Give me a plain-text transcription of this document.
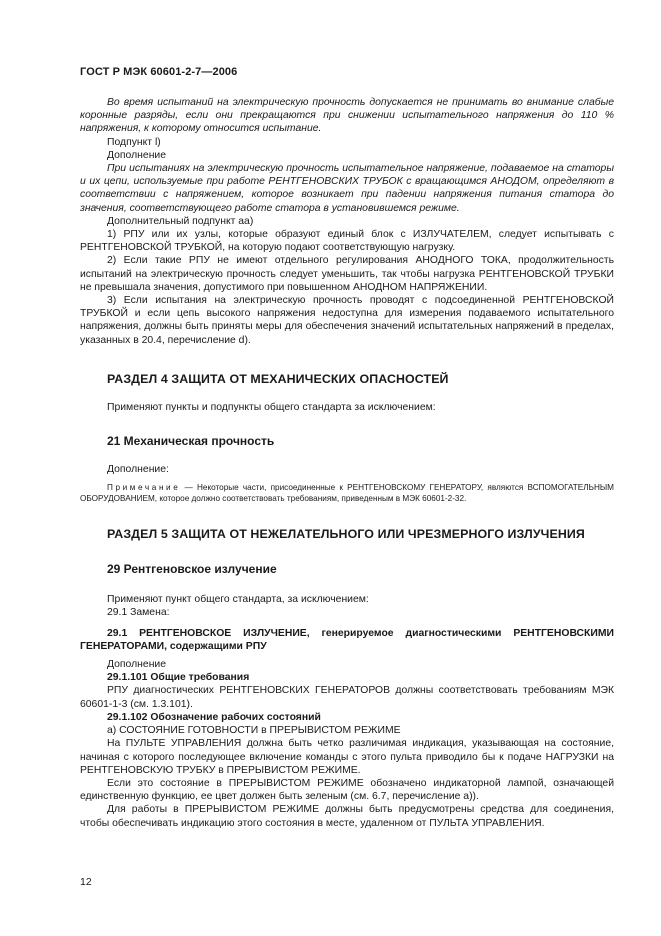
ГОСТ Р МЭК 60601-2-7—2006

Во время испытаний на электрическую прочность допускается не принимать во внимание слабые коронные разряды, если они прекращаются при снижении испытательного напряжения до 110 % напряжения, к которому относится испытание.

Подпункт l)

Дополнение

При испытаниях на электрическую прочность испытательное напряжение, подаваемое на статоры и их цепи, используемые при работе РЕНТГЕНОВСКИХ ТРУБОК с вращающимся АНОДОМ, определяют в соответствии с напряжением, которое возникает при падении напряжения питания статора до значения, соответствующего работе статора в установившемся режиме.

Дополнительный подпункт аа)

1) РПУ или их узлы, которые образуют единый блок с ИЗЛУЧАТЕЛЕМ, следует испытывать с РЕНТГЕНОВСКОЙ ТРУБКОЙ, на которую подают соответствующую нагрузку.

2) Если такие РПУ не имеют отдельного регулирования АНОДНОГО ТОКА, продолжительность испытаний на электрическую прочность следует уменьшить, так чтобы нагрузка РЕНТГЕНОВСКОЙ ТРУБКИ не превышала значения, допустимого при повышенном АНОДНОМ НАПРЯЖЕНИИ.

3) Если испытания на электрическую прочность проводят с подсоединенной РЕНТГЕНОВСКОЙ ТРУБКОЙ и если цепь высокого напряжения недоступна для измерения подаваемого испытательного напряжения, должны быть приняты меры для обеспечения значений испытательных напряжений в пределах, указанных в 20.4, перечисление d).

РАЗДЕЛ 4 ЗАЩИТА ОТ МЕХАНИЧЕСКИХ ОПАСНОСТЕЙ

Применяют пункты и подпункты общего стандарта за исключением:

21 Механическая прочность

Дополнение:

Примечание — Некоторые части, присоединенные к РЕНТГЕНОВСКОМУ ГЕНЕРАТОРУ, являются ВСПОМОГАТЕЛЬНЫМ ОБОРУДОВАНИЕМ, которое должно соответствовать требованиям, приведенным в МЭК 60601-2-32.

РАЗДЕЛ 5 ЗАЩИТА ОТ НЕЖЕЛАТЕЛЬНОГО ИЛИ ЧРЕЗМЕРНОГО ИЗЛУЧЕНИЯ
29 Рентгеновское излучение

Применяют пункт общего стандарта, за исключением:

29.1 Замена:

29.1 РЕНТГЕНОВСКОЕ ИЗЛУЧЕНИЕ, генерируемое диагностическими РЕНТГЕНОВСКИМИ ГЕНЕРАТОРАМИ, содержащими РПУ

Дополнение

29.1.101 Общие требования

РПУ диагностических РЕНТГЕНОВСКИХ ГЕНЕРАТОРОВ должны соответствовать требованиям МЭК 60601-1-3 (см. 1.3.101).

29.1.102 Обозначение рабочих состояний

а) СОСТОЯНИЕ ГОТОВНОСТИ в ПРЕРЫВИСТОМ РЕЖИМЕ

На ПУЛЬТЕ УПРАВЛЕНИЯ должна быть четко различимая индикация, указывающая на состояние, начиная с которого последующее включение команды с этого пульта приводило бы к подаче НАГРУЗКИ на РЕНТГЕНОВСКУЮ ТРУБКУ в ПРЕРЫВИСТОМ РЕЖИМЕ.

Если это состояние в ПРЕРЫВИСТОМ РЕЖИМЕ обозначено индикаторной лампой, означающей единственную функцию, ее цвет должен быть зеленым (см. 6.7, перечисление а)).

Для работы в ПРЕРЫВИСТОМ РЕЖИМЕ должны быть предусмотрены средства для соединения, чтобы обеспечивать индикацию этого состояния в месте, удаленном от ПУЛЬТА УПРАВЛЕНИЯ.

12
